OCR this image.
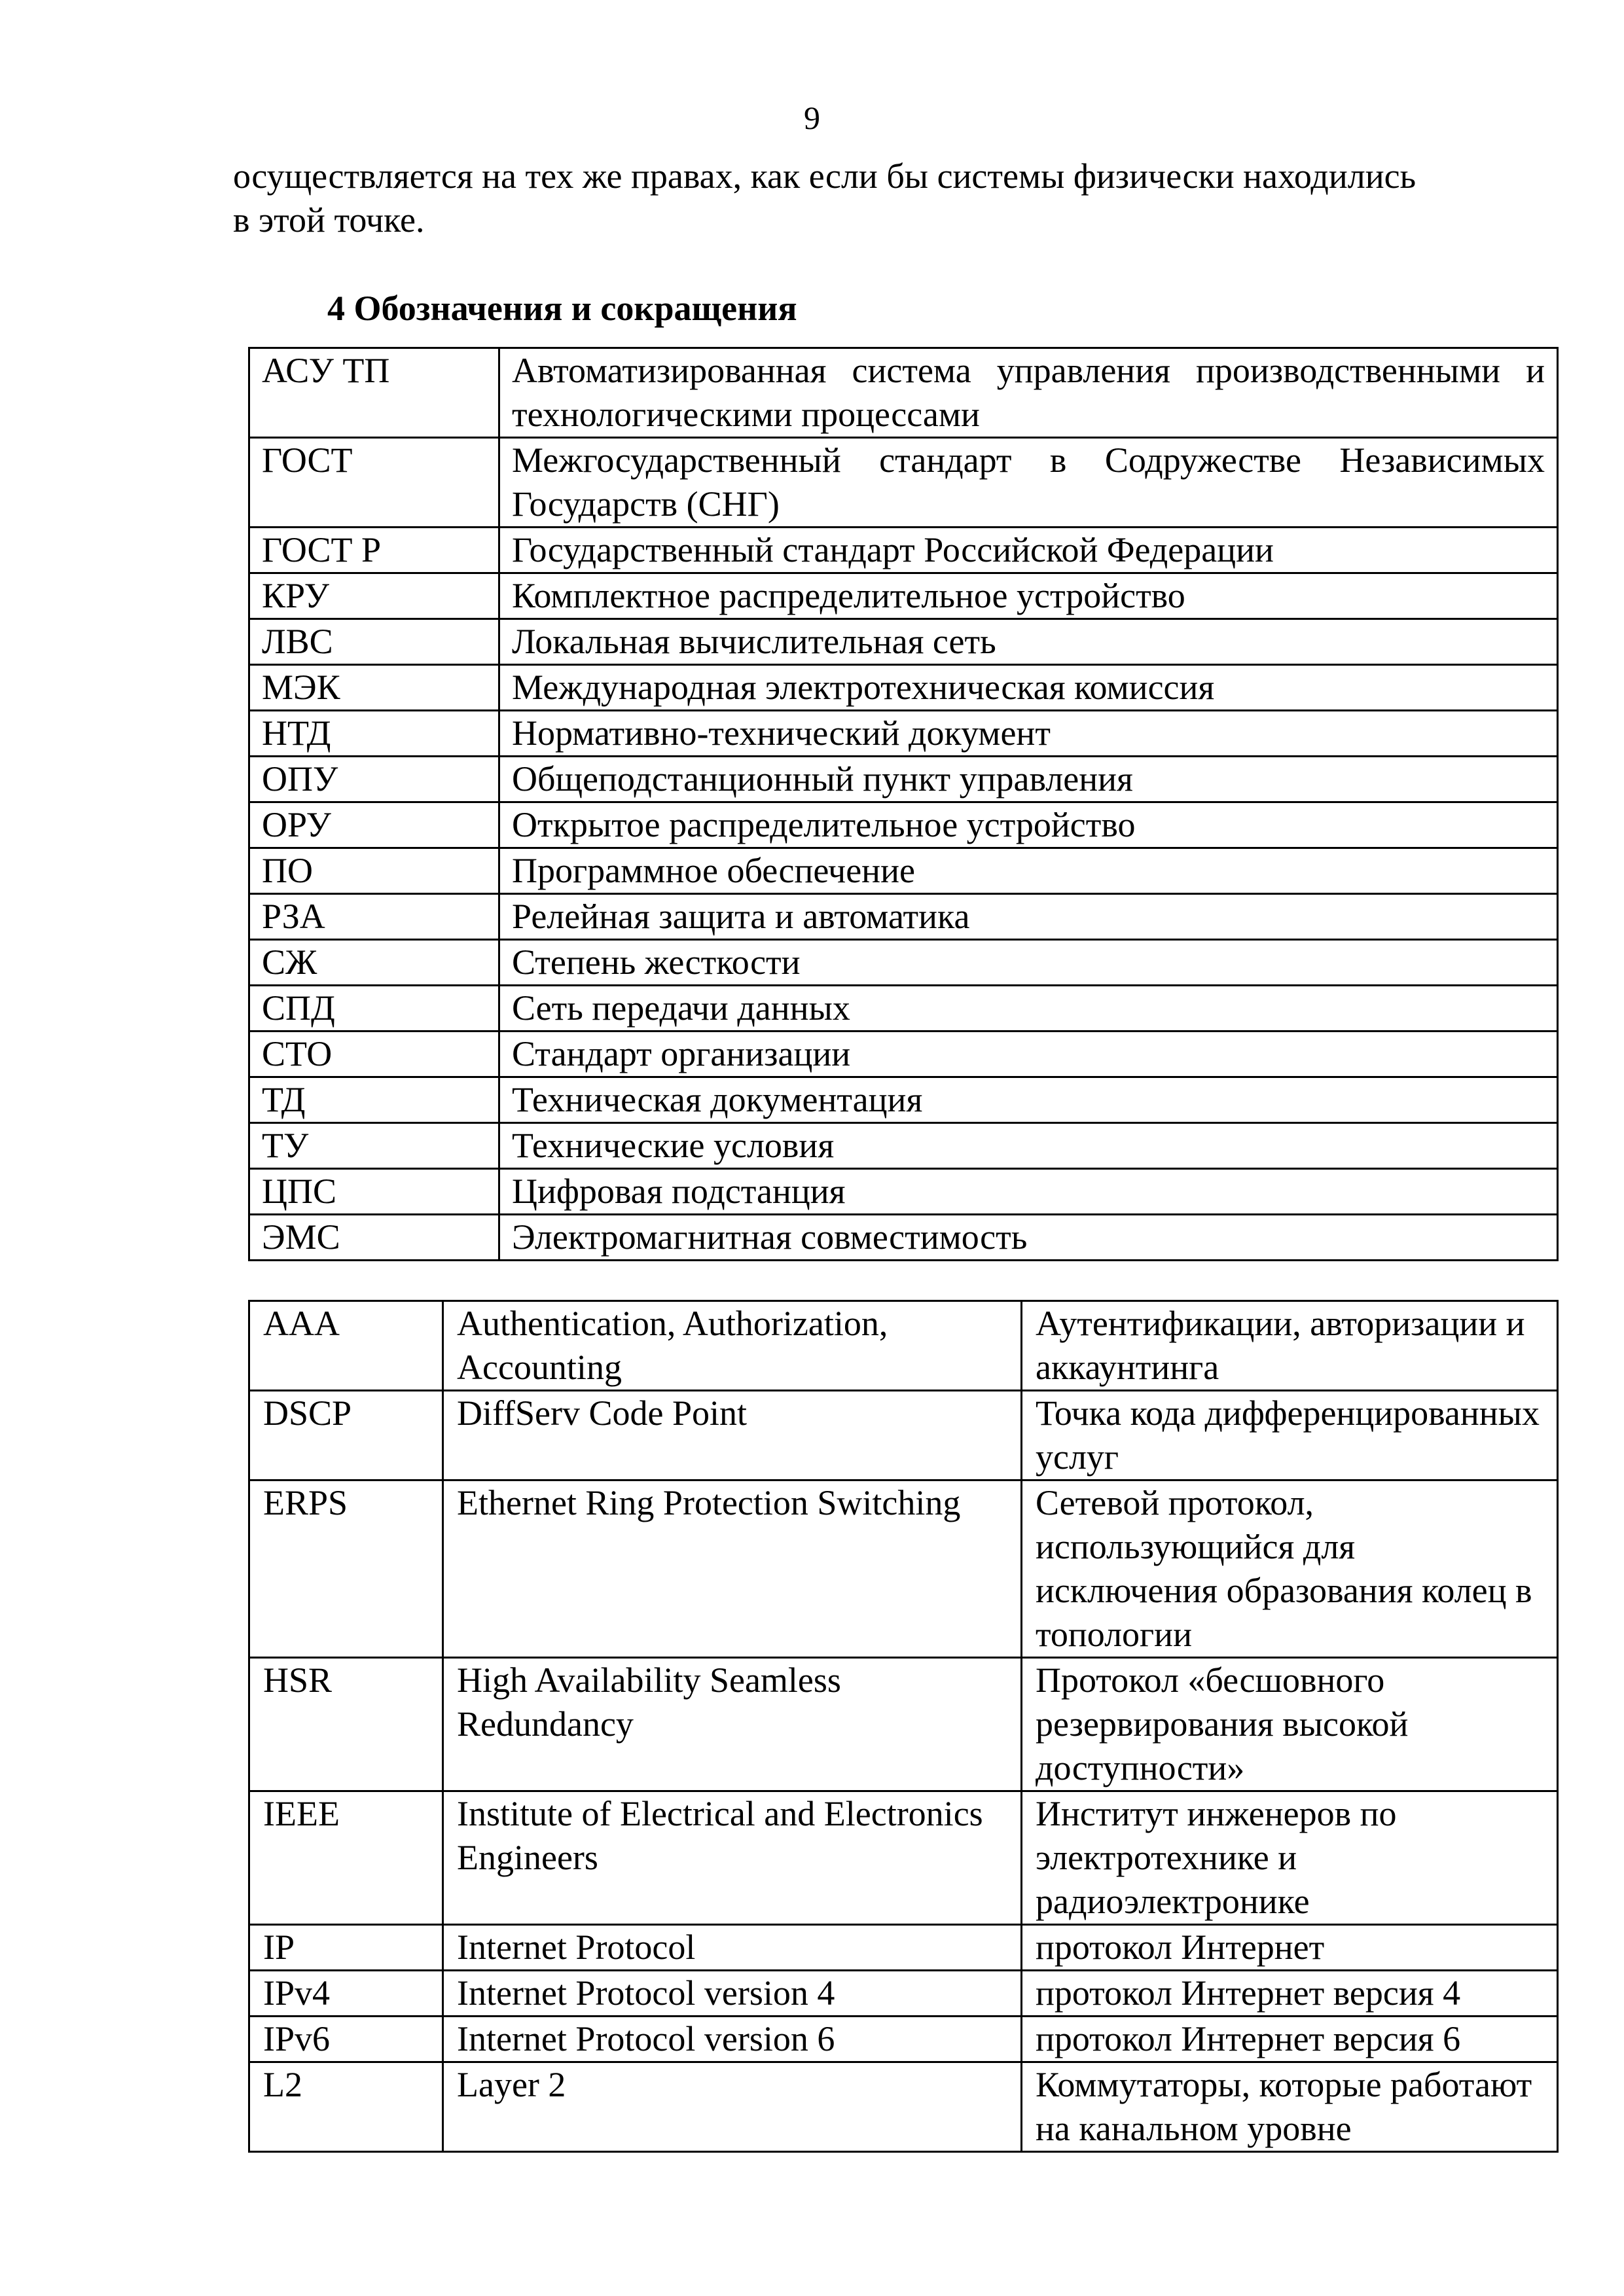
9
осуществляется на тех же правах, как если бы системы физически находились
в этой точке.
4 Обозначения и сокращения
АСУ ТП	Автоматизированная система управления производственными и технологическими процессами
ГОСТ	Межгосударственный стандарт в Содружестве Независимых Государств (СНГ)
ГОСТ Р	Государственный стандарт Российской Федерации
КРУ	Комплектное распределительное устройство
ЛВС	Локальная вычислительная сеть
МЭК	Международная электротехническая комиссия
НТД	Нормативно-технический документ
ОПУ	Общеподстанционный пункт управления
ОРУ	Открытое распределительное устройство
ПО	Программное обеспечение
РЗА	Релейная защита и автоматика
СЖ	Степень жесткости
СПД	Сеть передачи данных
СТО	Стандарт организации
ТД	Техническая документация
ТУ	Технические условия
ЦПС	Цифровая подстанция
ЭМС	Электромагнитная совместимость
AAA	Authentication, Authorization, Accounting	Аутентификации, авторизации и аккаунтинга
DSCP	DiffServ Code Point	Точка кода дифференцированных услуг
ERPS	Ethernet Ring Protection Switching	Сетевой протокол, использующийся для исключения образования колец в топологии
HSR	High Availability Seamless Redundancy	Протокол «бесшовного резервирования высокой доступности»
IEEE	Institute of Electrical and Electronics Engineers	Институт инженеров по электротехнике и радиоэлектронике
IP	Internet Protocol	протокол Интернет
IPv4	Internet Protocol version 4	протокол Интернет версия 4
IPv6	Internet Protocol version 6	протокол Интернет версия 6
L2	Layer 2	Коммутаторы, которые работают на канальном уровне
